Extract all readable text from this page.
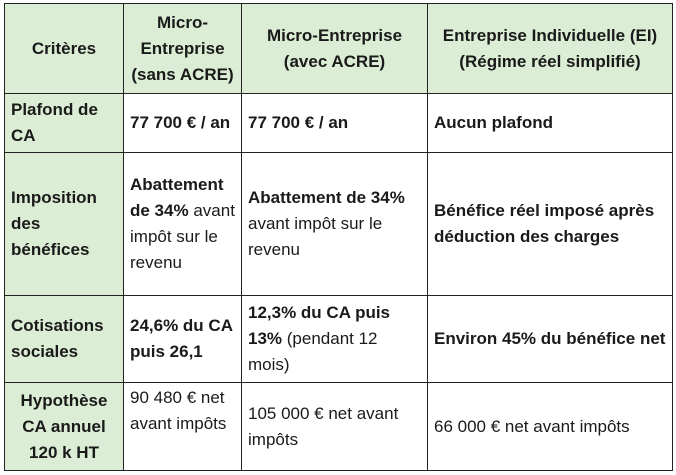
Critères	Micro-Entreprise (sans ACRE)	Micro-Entreprise (avec ACRE)	Entreprise Individuelle (EI) (Régime réel simplifié)
Plafond de CA	77 700 € / an	77 700 € / an	Aucun plafond
Imposition des bénéfices	Abattement de 34% avant impôt sur le revenu	Abattement de 34% avant impôt sur le revenu	Bénéfice réel imposé après déduction des charges
Cotisations sociales	24,6% du CA puis 26,1	12,3% du CA puis 13% (pendant 12 mois)	Environ 45% du bénéfice net
Hypothèse CA annuel 120 k HT	90 480 € net avant impôts	105 000 € net avant impôts	66 000 € net avant impôts
